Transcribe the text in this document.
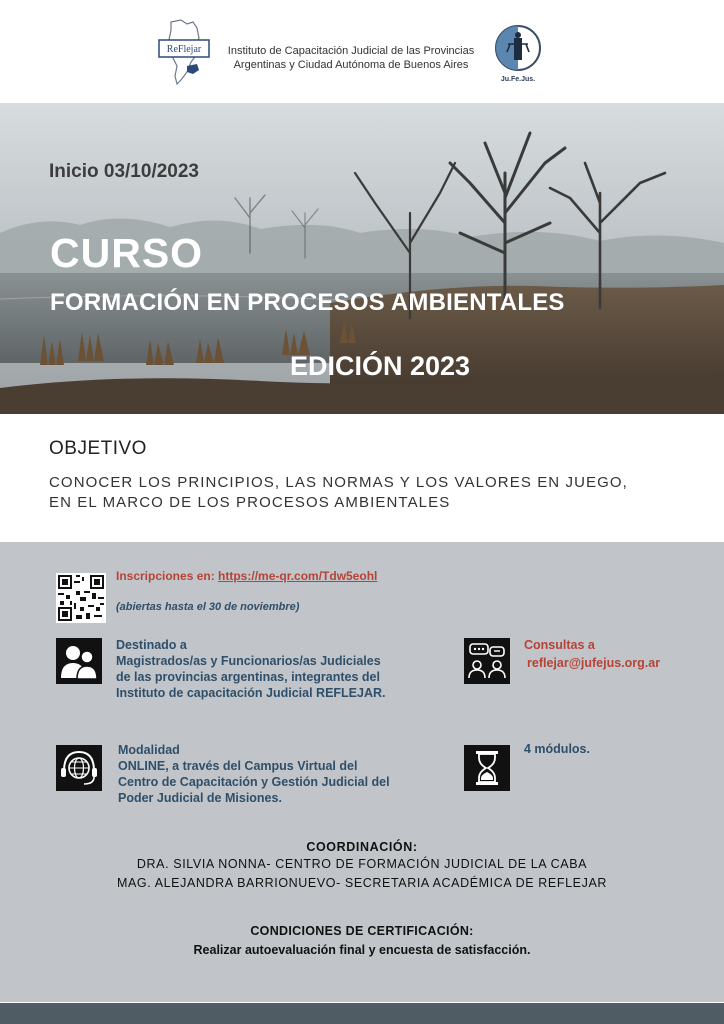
ReFlejar	Instituto de Capacitación Judicial de las Provincias
Argentinas y Ciudad Autónoma de Buenos Aires
Ju.Fe.Jus.
Inicio 03/10/2023
CURSO
FORMACIÓN EN PROCESOS AMBIENTALES
EDICIÓN 2023
OBJETIVO
CONOCER LOS PRINCIPIOS, LAS NORMAS Y LOS VALORES EN JUEGO,
EN EL MARCO DE LOS PROCESOS AMBIENTALES
Inscripciones en: https://me-qr.com/Tdw5eohl
(abiertas hasta el 30 de noviembre)
Destinado a
Magistrados/as y Funcionarios/as Judiciales
de las provincias argentinas, integrantes del
Instituto de capacitación Judicial REFLEJAR.
Consultas a
reflejar@jufejus.org.ar
Modalidad
ONLINE, a través del Campus Virtual del
Centro de Capacitación y Gestión Judicial del
Poder Judicial de Misiones.
4 módulos.
COORDINACIÓN:
DRA. SILVIA NONNA- CENTRO DE FORMACIÓN JUDICIAL DE LA CABA
MAG. ALEJANDRA BARRIONUEVO- SECRETARIA ACADÉMICA DE REFLEJAR
CONDICIONES DE CERTIFICACIÓN:
Realizar autoevaluación final y encuesta de satisfacción.
